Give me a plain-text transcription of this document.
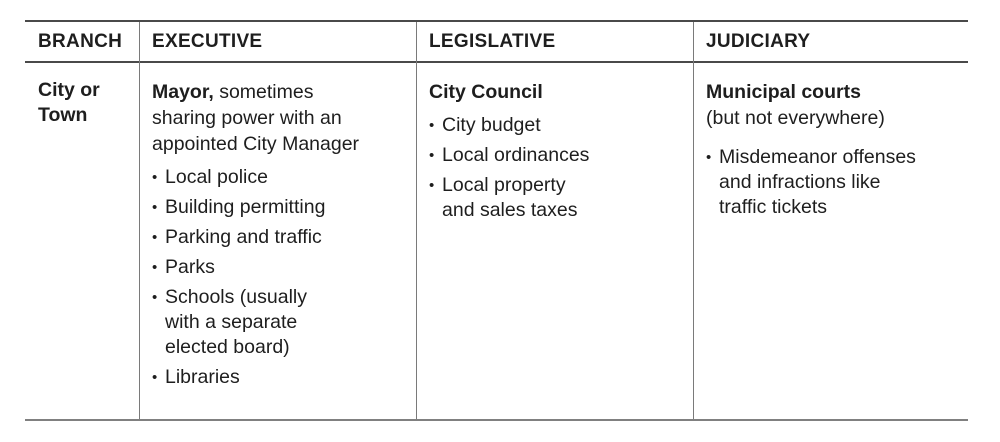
BRANCH EXECUTIVE	LEGISLATIVE	JUDICIARY
City or
Town
Mayor, sometimes
sharing power with an
appointed City Manager
• Local police
• Building permitting
• Parking and traffic
• Parks
• Schools (usually
with a separate
elected board)
• Libraries
City Council
• City budget
• Local ordinances
• Local property
and sales taxes
Municipal courts
(but not everywhere)
• Misdemeanor offenses
and infractions like
traffic tickets
